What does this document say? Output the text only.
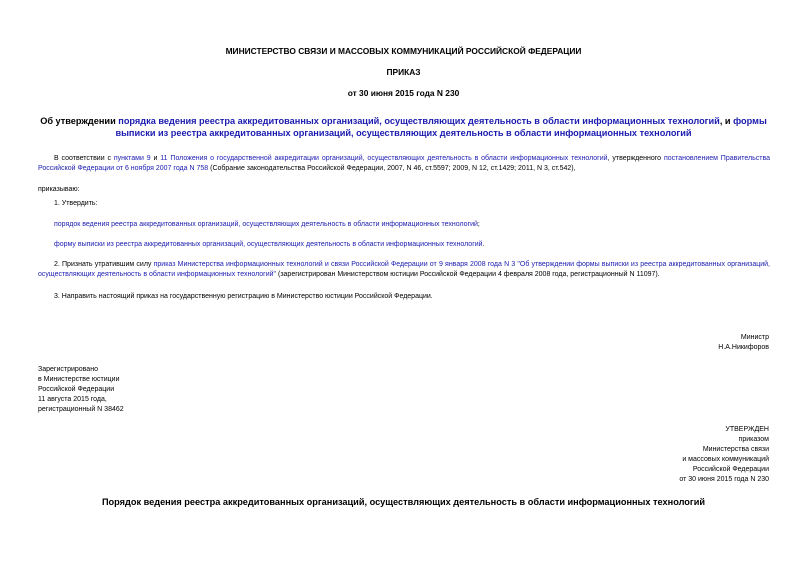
МИНИСТЕРСТВО СВЯЗИ И МАССОВЫХ КОММУНИКАЦИЙ РОССИЙСКОЙ ФЕДЕРАЦИИ
ПРИКАЗ
от 30 июня 2015 года N 230
Об утверждении порядка ведения реестра аккредитованных организаций, осуществляющих деятельность в области информационных технологий, и формы выписки из реестра аккредитованных организаций, осуществляющих деятельность в области информационных технологий
В соответствии с пунктами 9 и 11 Положения о государственной аккредитации организаций, осуществляющих деятельность в области информационных технологий, утвержденного постановлением Правительства Российской Федерации от 6 ноября 2007 года N 758 (Собрание законодательства Российской Федерации, 2007, N 46, ст.5597; 2009, N 12, ст.1429; 2011, N 3, ст.542),
приказываю:
1. Утвердить:
порядок ведения реестра аккредитованных организаций, осуществляющих деятельность в области информационных технологий;
форму выписки из реестра аккредитованных организаций, осуществляющих деятельность в области информационных технологий.
2. Признать утратившим силу приказ Министерства информационных технологий и связи Российской Федерации от 9 января 2008 года N 3 "Об утверждении формы выписки из реестра аккредитованных организаций, осуществляющих деятельность в области информационных технологий" (зарегистрирован Министерством юстиции Российской Федерации 4 февраля 2008 года, регистрационный N 11097).
3. Направить настоящий приказ на государственную регистрацию в Министерство юстиции Российской Федерации.
Министр
Н.А.Никифоров
Зарегистрировано
в Министерстве юстиции
Российской Федерации
11 августа 2015 года,
регистрационный N 38462
УТВЕРЖДЕН
приказом
Министерства связи
и массовых коммуникаций
Российской Федерации
от 30 июня 2015 года N 230
Порядок ведения реестра аккредитованных организаций, осуществляющих деятельность в области информационных технологий
